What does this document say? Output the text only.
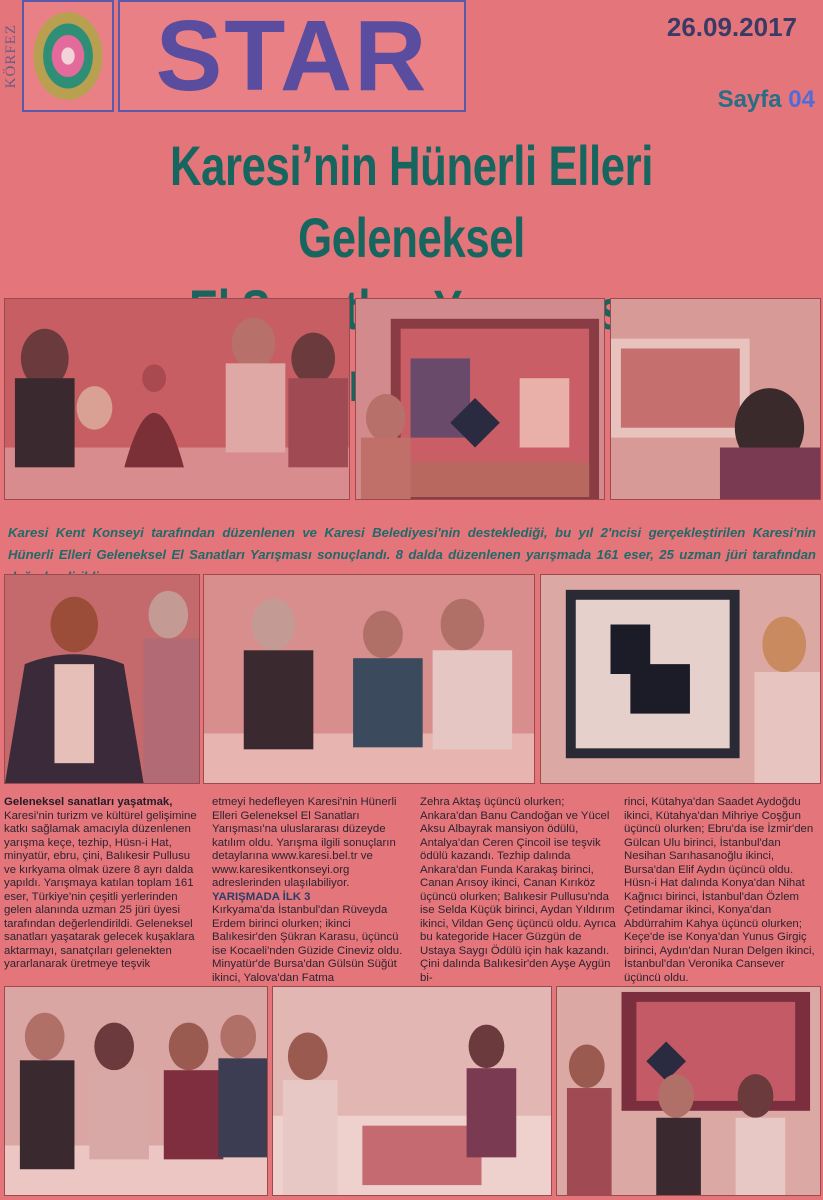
KÖRFEZ STAR	26.09.2017
Sayfa 04
Karesi’nin Hünerli Elleri Geleneksel
Karesi Kent Konseyi tarafından düzenlenen ve Karesi Belediyesi'nin desteklediği, bu yıl 2'ncisi gerçekleştirilen Karesi'nin Hünerli Elleri Geleneksel El Sanatları Yarışması sonuçlandı. 8 dalda düzenlenen yarışmada 161 eser, 25 uzman jüri tarafından

Geleneksel sanatları yaşatmak,

Karesi'nin turizm ve kültürel gelişimine katkı sağlamak amacıyla düzenlenen yarışma keçe, tezhip, Hüsn-i Hat, minyatür, ebru, çini, Balıkesir Pullusu ve kırkyama olmak üzere 8 ayrı dalda yapıldı. Yarışmaya katılan toplam 161 eser, Türkiye'nin çeşitli yerlerinden gelen alanında uzman 25 jüri üyesi tarafından değerlendirildi. Geleneksel sanatları yaşatarak gelecek kuşaklara aktarmayı, sanatçıları gelenekten yararlanarak üretmeye teşvik

etmeyi hedefleyen Karesi'nin Hünerli Elleri Geleneksel El Sanatları Yarışması'na uluslararası düzeyde katılım oldu. Yarışma ilgili sonuçların detaylarına www.karesi.bel.tr ve www.karesikentkonseyi.org adreslerinden ulaşılabiliyor.

YARIŞMADA İLK 3

Kırkyama'da İstanbul'dan Rüveyda Erdem birinci olurken; ikinci Balıkesir'den Şükran Karasu, üçüncü ise Kocaeli'nden Güzide Cineviz oldu. Minyatür'de Bursa'dan Gülsün Süğüt ikinci, Yalova'dan Fatma

Zehra Aktaş üçüncü olurken; Ankara'dan Banu Candoğan ve Yücel Aksu Albayrak mansiyon ödülü, Antalya'dan Ceren Çincoil ise teşvik ödülü kazandı. Tezhip dalında Ankara'dan Funda Karakaş birinci, Canan Arısoy ikinci, Canan Kırıköz üçüncü olurken; Balıkesir Pullusu'nda ise Selda Küçük birinci, Aydan Yıldırım ikinci, Vildan Genç üçüncü oldu. Ayrıca bu kategoride Hacer Güzgün de Ustaya Saygı Ödülü için hak kazandı. Çini dalında Balıkesir'den Ayşe Aygün bi-

rinci, Kütahya'dan Saadet Aydoğdu ikinci, Kütahya'dan Mihriye Coşğun üçüncü olurken; Ebru'da ise İzmir'den Gülcan Ulu birinci, İstanbul'dan Nesihan Sarıhasanoğlu ikinci, Bursa'dan Elif Aydın üçüncü oldu. Hüsn-i Hat dalında Konya'dan Nihat Kağnıcı birinci, İstanbul'dan Özlem Çetindamar ikinci, Konya'dan Abdürrahim Kahya üçüncü olurken; Keçe'de ise Konya'dan Yunus Girgiç birinci, Aydın'dan Nuran Delgen ikinci, İstanbul'dan Veronika Cansever üçüncü oldu.
